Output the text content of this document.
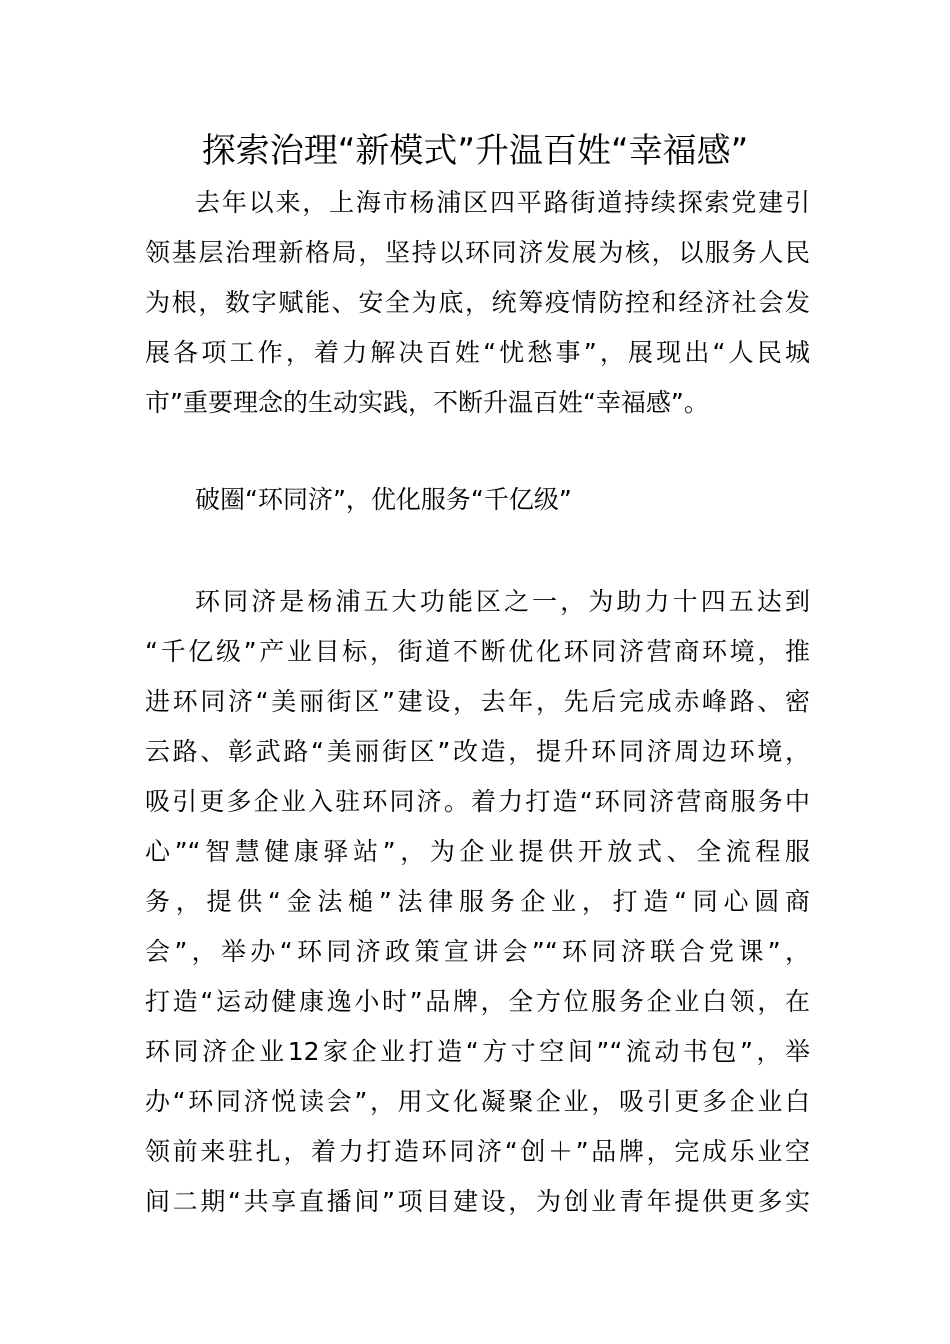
探索治理“新模式”升温百姓“幸福感”
去年以来，上海市杨浦区四平路街道持续探索党建引
领基层治理新格局，坚持以环同济发展为核，以服务人民
为根，数字赋能、安全为底，统筹疫情防控和经济社会发
展各项工作，着力解决百姓“忧愁事”，展现出“人民城
市”重要理念的生动实践，不断升温百姓“幸福感”。
破圈“环同济”，优化服务“千亿级”
环同济是杨浦五大功能区之一，为助力十四五达到
“千亿级”产业目标，街道不断优化环同济营商环境，推
进环同济“美丽街区”建设，去年，先后完成赤峰路、密
云路、彰武路“美丽街区”改造，提升环同济周边环境，
吸引更多企业入驻环同济。着力打造“环同济营商服务中
心”“智慧健康驿站”，为企业提供开放式、全流程服
务，提供“金法槌”法律服务企业，打造“同心圆商
会”，举办“环同济政策宣讲会”“环同济联合党课”，
打造“运动健康逸小时”品牌，全方位服务企业白领，在
环同济企业12家企业打造“方寸空间”“流动书包”，举
办“环同济悦读会”，用文化凝聚企业，吸引更多企业白
领前来驻扎，着力打造环同济“创＋”品牌，完成乐业空
间二期“共享直播间”项目建设，为创业青年提供更多实
